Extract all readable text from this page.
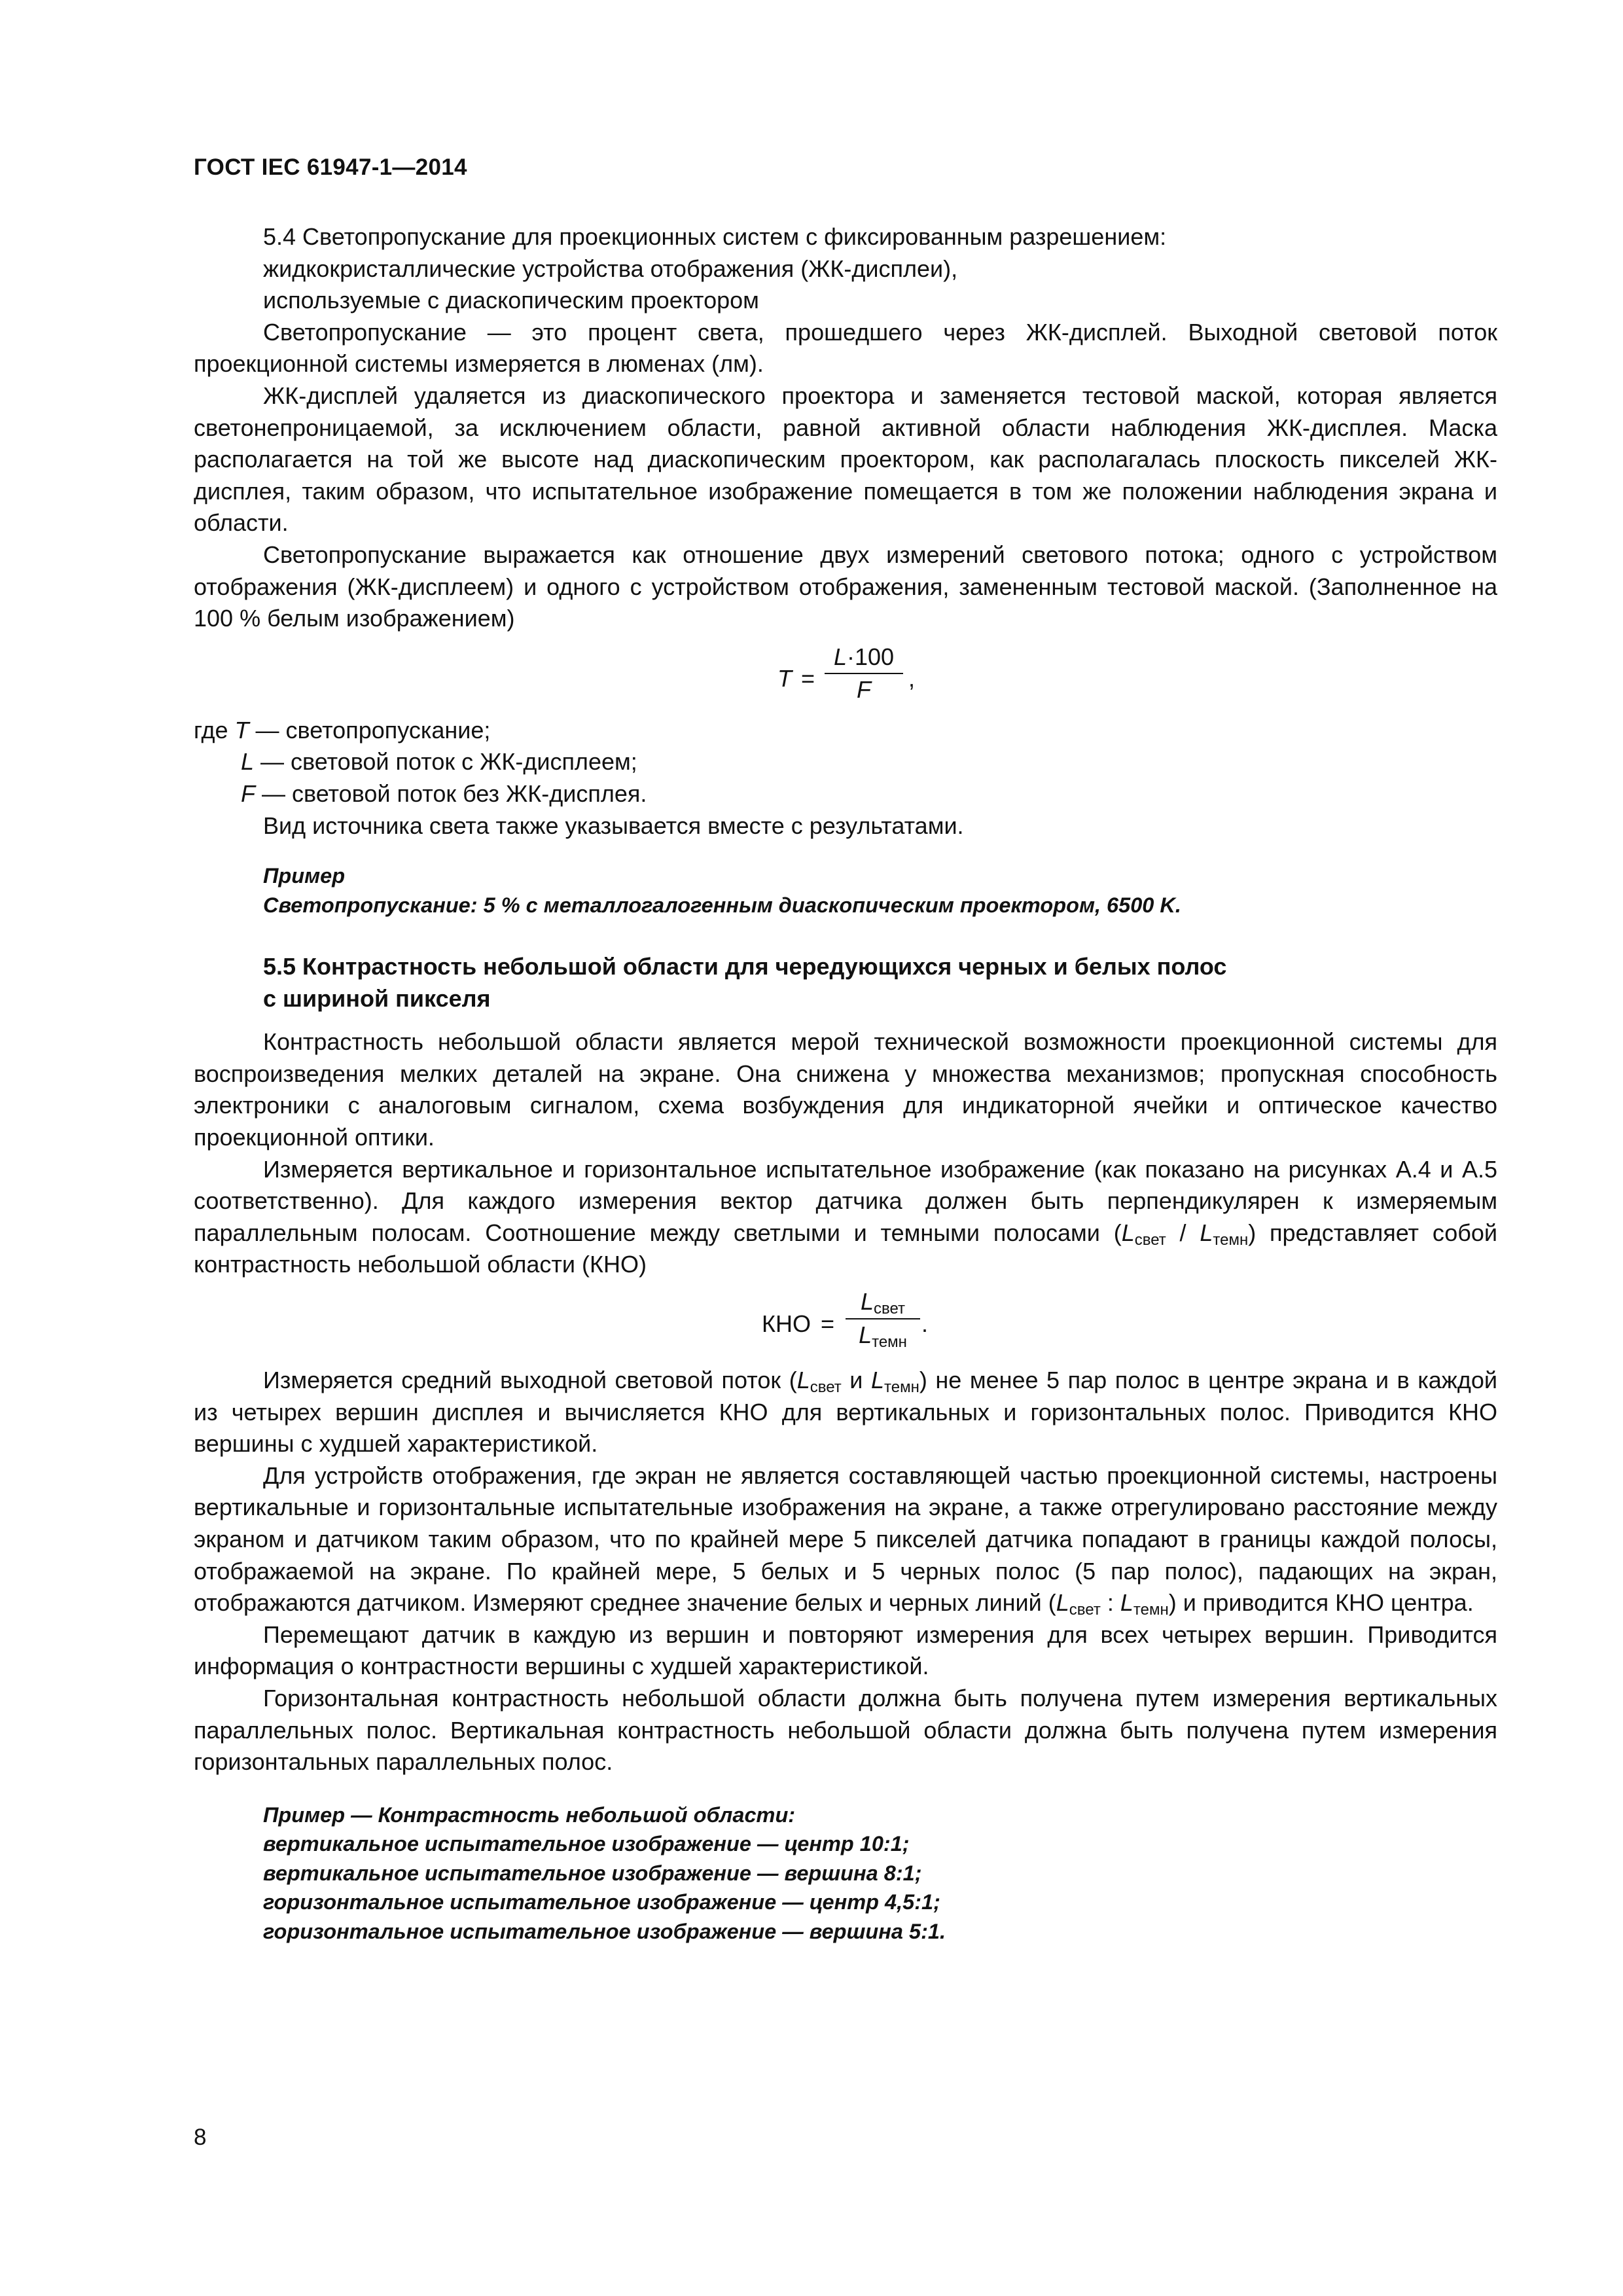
ГОСТ IEC 61947-1—2014

5.4 Светопропускание для проекционных систем с фиксированным разрешением:

жидкокристаллические устройства отображения (ЖК-дисплеи),

используемые с диаскопическим проектором

Светопропускание — это процент света, прошедшего через ЖК-дисплей. Выходной световой поток проекционной системы измеряется в люменах (лм).

ЖК-дисплей удаляется из диаскопического проектора и заменяется тестовой маской, которая является светонепроницаемой, за исключением области, равной активной области наблюдения ЖК-дисплея. Маска располагается на той же высоте над диаскопическим проектором, как располагалась плоскость пикселей ЖК-дисплея, таким образом, что испытательное изображение помещается в том же положении наблюдения экрана и области.

Светопропускание выражается как отношение двух измерений светового потока; одного с устройством отображения (ЖК-дисплеем) и одного с устройством отображения, замененным тестовой маской. (Заполненное на 100 % белым изображением)

T =
L·100
F	,

где T — светопропускание;

L — световой поток с ЖК-дисплеем;

F — световой поток без ЖК-дисплея.

Вид источника света также указывается вместе с результатами.

Пример

Светопропускание: 5 % с металлогалогенным диаскопическим проектором, 6500 K.

5.5 Контрастность небольшой области для чередующихся черных и белых полос

с шириной пикселя

Контрастность небольшой области является мерой технической возможности проекционной системы для воспроизведения мелких деталей на экране. Она снижена у множества механизмов; пропускная способность электроники с аналоговым сигналом, схема возбуждения для индикаторной ячейки и оптическое качество проекционной оптики.

Измеряется вертикальное и горизонтальное испытательное изображение (как показано на рисунках А.4 и А.5 соответственно). Для каждого измерения вектор датчика должен быть перпендикулярен к измеряемым параллельным полосам. Соотношение между светлыми и темными полосами $(L_{свет} / L_{темн})$ представляет собой контрастность небольшой области (КНО)

КНО =
$L_{свет}$
$L_{темн}$
.

Измеряется средний выходной световой поток ($L_{свет}$ и $L_{темн}$) не менее 5 пар полос в центре экрана и в каждой из четырех вершин дисплея и вычисляется КНО для вертикальных и горизонтальных полос. Приводится КНО вершины с худшей характеристикой.

Для устройств отображения, где экран не является составляющей частью проекционной системы, настроены вертикальные и горизонтальные испытательные изображения на экране, а также отрегулировано расстояние между экраном и датчиком таким образом, что по крайней мере 5 пикселей датчика попадают в границы каждой полосы, отображаемой на экране. По крайней мере, 5 белых и 5 черных полос (5 пар полос), падающих на экран, отображаются датчиком. Измеряют среднее значение белых и черных линий ($L_{свет}$ : $L_{темн}$) и приводится КНО центра.

Перемещают датчик в каждую из вершин и повторяют измерения для всех четырех вершин. Приводится информация о контрастности вершины с худшей характеристикой.

Горизонтальная контрастность небольшой области должна быть получена путем измерения вертикальных параллельных полос. Вертикальная контрастность небольшой области должна быть получена путем измерения горизонтальных параллельных полос.

Пример — Контрастность небольшой области:

вертикальное испытательное изображение — центр 10:1;

вертикальное испытательное изображение — вершина 8:1;

горизонтальное испытательное изображение — центр 4,5:1;

горизонтальное испытательное изображение — вершина 5:1.

8
